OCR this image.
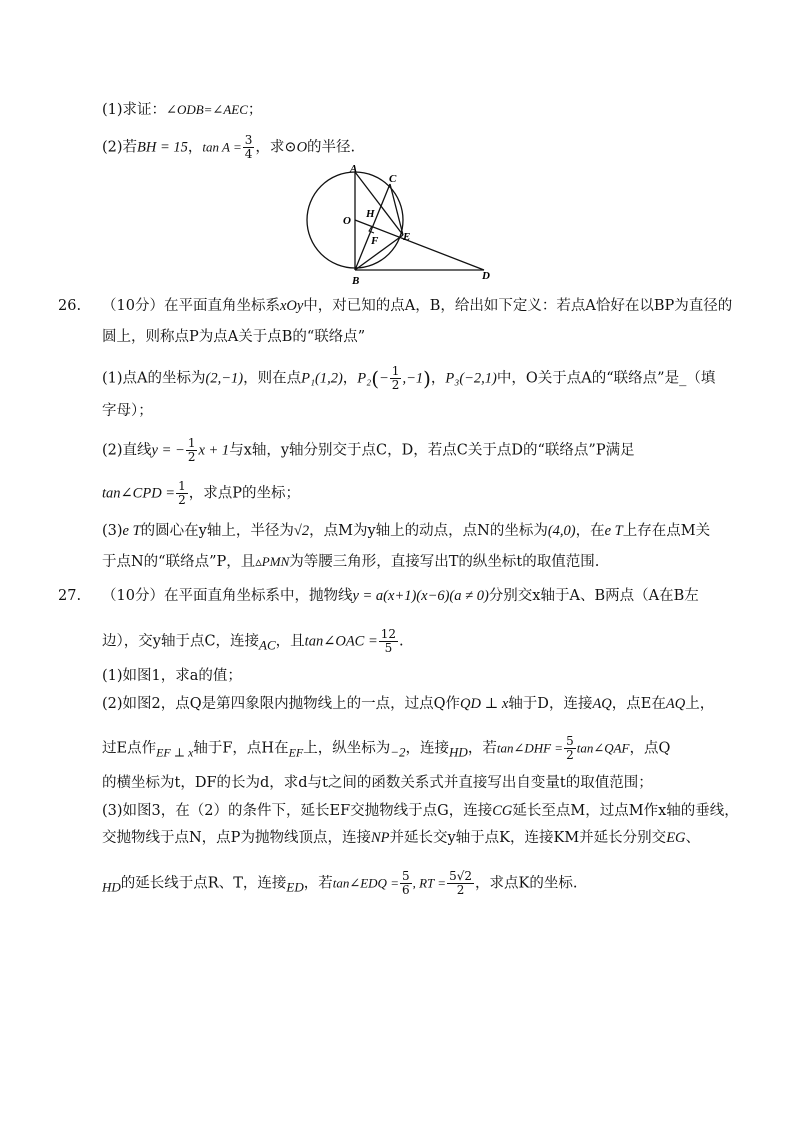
(1)求证：∠ODB=∠AEC；
(2)若BH = 15，$\tan A = \frac{3}{4}$ ，求⊙O的半径.
A
C
H
O
F E
D
B
26. （10分）在平面直角坐标系xOy中，对已知的点A，B，给出如下定义：若点A恰好在以BP为直径的
圆上，则称点P为点A关于点B的“联络点”
(1)点A的坐标为(2,−1)，则在点P₁(1,2)，$P_2(- \frac{1}{2} ,-1)$，P₃(−2,1)中，O关于点A的“联络点”是_（填
字母）；
(2)直线y = − $\frac{1}{2}$ x + 1与x轴，y轴分别交于点C，D，若点C关于点D的“联络点”P满足
tan∠CPD = $\frac{1}{2}$ ，求点P的坐标；
(3)e T的圆心在y轴上，半径为√2，点M为y轴上的动点，点N的坐标为(4,0)，在e T上存在点M关
于点N的“联络点”P，且▵PMN为等腰三角形，直接写出T的纵坐标t的取值范围.
27. （10分）在平面直角坐标系中，抛物线y = a(x+1)(x−6)(a ≠ 0)分别交x轴于A、B两点（A在B左
边），交y轴于点C，连接AC，且tan∠OAC = $\frac{12}{5}$ .
(1)如图1，求a的值；
(2)如图2，点Q是第四象限内抛物线上的一点，过点Q作QD ⊥ x轴于D，连接AQ，点E在AQ上，
过E点作$_{EF \perp x}$轴于F，点H在$_{EF}$上，纵坐标为−2，连接HD，若tan∠DHF = $\frac{5}{2}$ tan∠QAF，点Q
的横坐标为t，DF的长为d，求d与t之间的函数关系式并直接写出自变量t的取值范围；
(3)如图3，在（2）的条件下，延长EF交抛物线于点G，连接CG延长至点M，过点M作x轴的垂线，
交抛物线于点N，点P为抛物线顶点，连接NP并延长交y轴于点K，连接KM并延长分别交EG、
HD的延长线于点R、T，连接ED，若tan∠EDQ = $\frac{5}{6}$ , RT = $\frac{5√2}{2}$ ，求点K的坐标.
